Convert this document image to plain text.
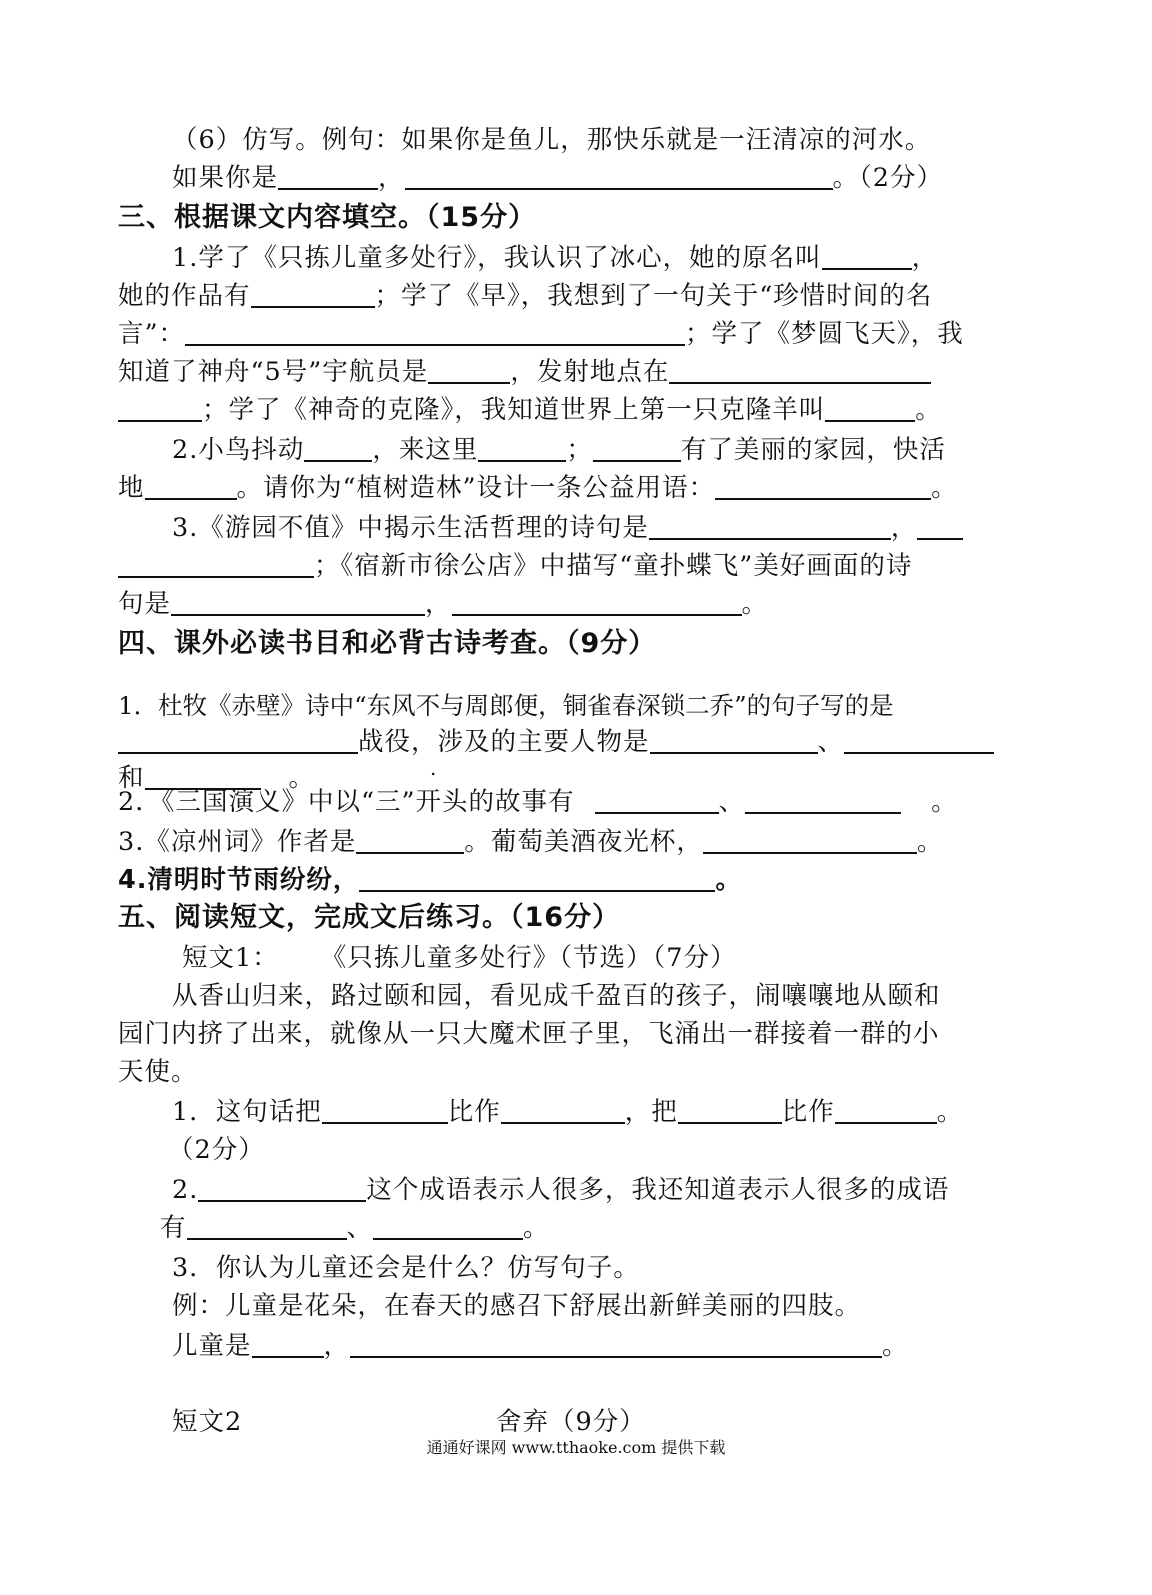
（6）仿写。例句：如果你是鱼儿，那快乐就是一汪清凉的河水。
如果你是	，	。（2分）
三、根据课文内容填空。（15分）
1.学了《只拣儿童多处行》，我认识了冰心，她的原名叫	，
她的作品有	；学了《早》，我想到了一句关于“珍惜时间的名
言”：	；学了《梦圆飞天》，我
知道了神舟“5号”宇航员是	，发射地点在
；学了《神奇的克隆》，我知道世界上第一只克隆羊叫	。
2.小鸟抖动	，来这里	；	有了美丽的家园，快活
地	。请你为“植树造林”设计一条公益用语：	。
3.《游园不值》中揭示生活哲理的诗句是	，
；《宿新市徐公店》中描写“童扑蝶飞”美好画面的诗
句是	，	。
四、课外必读书目和必背古诗考查。（9分）
1．杜牧《赤壁》诗中“东风不与周郎便，铜雀春深锁二乔”的句子写的是
战役，涉及的主要人物是	、
和	。	.
2．《三国演义》中以“三”开头的故事有	、	。
3.《凉州词》作者是	。葡萄美酒夜光杯，	。
4.清明时节雨纷纷，	。
五、阅读短文，完成文后练习。（16分）
短文1： 《只拣儿童多处行》（节选）（7分）
从香山归来，路过颐和园，看见成千盈百的孩子，闹嚷嚷地从颐和
园门内挤了出来，就像从一只大魔术匣子里，飞涌出一群接着一群的小
天使。
1．这句话把	比作	，把	比作	。
（2分）
2.	这个成语表示人很多，我还知道表示人很多的成语
有	、	。
3．你认为儿童还会是什么？仿写句子。
例：儿童是花朵，在春天的感召下舒展出新鲜美丽的四肢。
儿童是	，	。
短文2	舍弃（9分）
通通好课网 www.tthaoke.com 提供下载
